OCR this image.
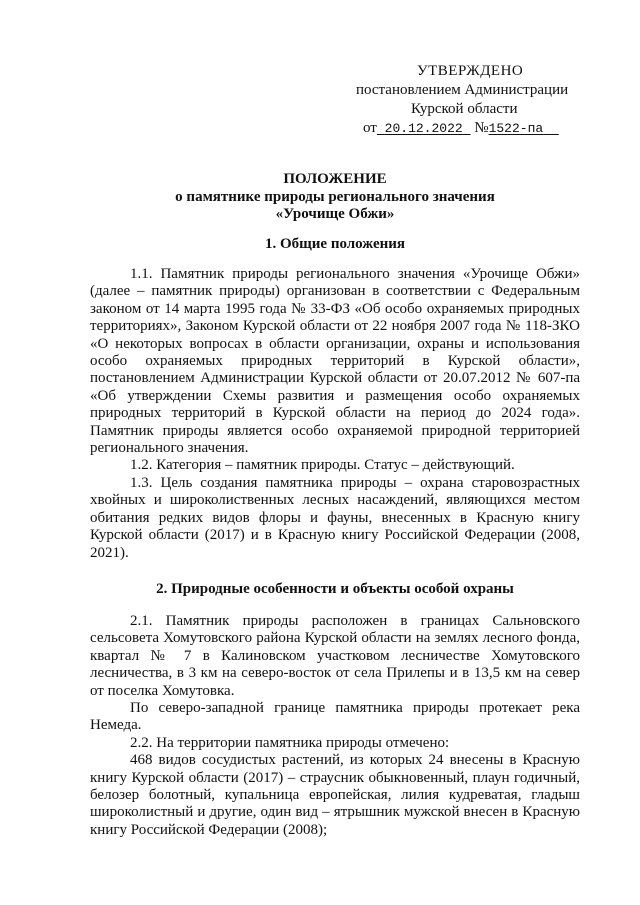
УТВЕРЖДЕНО
постановлением Администрации
Курской области
от 20.12.2022 №1522-па
ПОЛОЖЕНИЕ
о памятнике природы регионального значения
«Урочище Обжи»
1. Общие положения

1.1. Памятник природы регионального значения «Урочище Обжи» (далее – памятник природы) организован в соответствии с Федеральным законом от 14 марта 1995 года № 33-ФЗ «Об особо охраняемых природных территориях», Законом Курской области от 22 ноября 2007 года № 118-ЗКО «О некоторых вопросах в области организации, охраны и использования особо охраняемых природных территорий в Курской области», постановлением Администрации Курской области от 20.07.2012 № 607-па «Об утверждении Схемы развития и размещения особо охраняемых природных территорий в Курской области на период до 2024 года». Памятник природы является особо охраняемой природной территорией регионального значения.

1.2. Категория – памятник природы. Статус – действующий.

1.3. Цель создания памятника природы – охрана старовозрастных хвойных и широколиственных лесных насаждений, являющихся местом обитания редких видов флоры и фауны, внесенных в Красную книгу Курской области (2017) и в Красную книгу Российской Федерации (2008, 2021).

2. Природные особенности и объекты особой охраны

2.1. Памятник природы расположен в границах Сальновского сельсовета Хомутовского района Курской области на землях лесного фонда, квартал № 7 в Калиновском участковом лесничестве Хомутовского лесничества, в 3 км на северо-восток от села Прилепы и в 13,5 км на север от поселка Хомутовка.

По северо-западной границе памятника природы протекает река Немеда.

2.2. На территории памятника природы отмечено:

468 видов сосудистых растений, из которых 24 внесены в Красную книгу Курской области (2017) – страусник обыкновенный, плаун годичный, белозер болотный, купальница европейская, лилия кудреватая, гладыш широколистный и другие, один вид – ятрышник мужской внесен в Красную книгу Российской Федерации (2008);
